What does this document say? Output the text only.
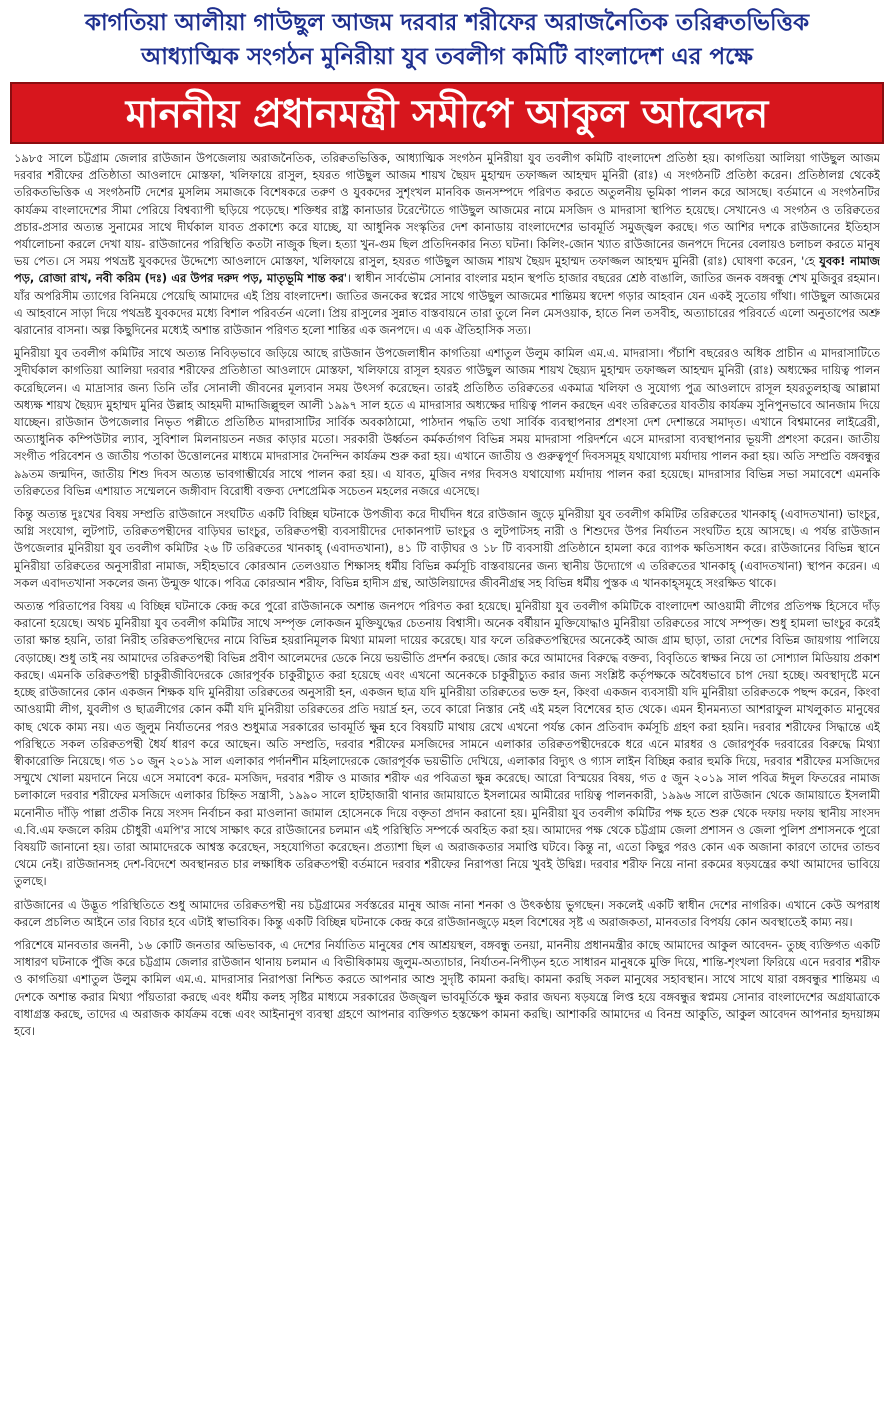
কাগতিয়া আলীয়া গাউছুল আজম দরবার শরীফের অরাজনৈতিক তরিক্বতভিত্তিক
আধ্যাত্মিক সংগঠন মুনিরীয়া যুব তবলীগ কমিটি বাংলাদেশ এর পক্ষে
মাননীয় প্রধানমন্ত্রী সমীপে আকুল আবেদন

১৯৮৫ সালে চট্টগ্রাম জেলার রাউজান উপজেলায় অরাজনৈতিক, তরিক্বতভিত্তিক, আধ্যাত্মিক সংগঠন মুনিরীয়া যুব তবলীগ কমিটি বাংলাদেশ প্রতিষ্ঠা হয়। কাগতিয়া আলিয়া গাউছুল আজম দরবার শরীফের প্রতিষ্ঠাতা আওলাদে মোস্তফা, খলিফায়ে রাসুল, হযরত গাউছুল আজম শায়খ ছৈয়দ মুহাম্মদ তফাজ্জল আহম্মদ মুনিরী (রাঃ) এ সংগঠনটি প্রতিষ্ঠা করেন। প্রতিষ্ঠালগ্ন থেকেই তরিকতভিত্তিক এ সংগঠনটি দেশের মুসলিম সমাজকে বিশেষকরে তরুণ ও যুবকদের সুশৃংখল মানবিক জনসম্পদে পরিণত করতে অতুলনীয় ভূমিকা পালন করে আসছে। বর্তমানে এ সংগঠনটির কার্যক্রম বাংলাদেশের সীমা পেরিয়ে বিশ্বব্যাপী ছড়িয়ে পড়েছে। শক্তিধর রাষ্ট্র কানাডার টরেন্টোতে গাউছুল আজমের নামে মসজিদ ও মাদরাসা স্থাপিত হয়েছে। সেখানেও এ সংগঠন ও তরিক্বতের প্রচার-প্রসার অত্যন্ত সুনামের সাথে দীর্ঘকাল যাবত প্রকাশ্যে করে যাচ্ছে, যা আধুনিক সংস্কৃতির দেশ কানাডায় বাংলাদেশের ভাবমূর্তি সমুজ্জ্বল করছে। গত আশির দশকে রাউজানের ইতিহাস পর্যালোচনা করলে দেখা যায়- রাউজানের পরিস্থিতি কতটা নাজুক ছিল। হত্যা খুন-গুম ছিল প্রতিদিনকার নিত্য ঘটনা। কিলিং-জোন খ্যাত রাউজানের জনপদে দিনের বেলায়ও চলাচল করতে মানুষ ভয় পেত। সে সময় পথভ্রষ্ট যুবকদের উদ্দেশ্যে আওলাদে মোস্তফা, খলিফায়ে রাসুল, হযরত গাউছুল আজম শায়খ ছৈয়দ মুহাম্মদ তফাজ্জল আহম্মদ মুনিরী (রাঃ) ঘোষণা করেন, 'হে যুবক! নামাজ পড়, রোজা রাখ, নবী করিম (দঃ) এর উপর দরুদ পড়, মাতৃভূমি শান্ত কর'। স্বাধীন সার্বভৌম সোনার বাংলার মহান স্থপতি হাজার বছরের শ্রেষ্ঠ বাঙালি, জাতির জনক বঙ্গবন্ধু শেখ মুজিবুর রহমান। যাঁর অপরিসীম ত্যাগের বিনিময়ে পেয়েছি আমাদের এই প্রিয় বাংলাদেশ। জাতির জনকের স্বপ্নের সাথে গাউছুল আজমের শান্তিময় স্বদেশ গড়ার আহবান যেন একই সুতোয় গাঁথা। গাউছুল আজমের এ আহবানে সাড়া দিয়ে পথভ্রষ্ট যুবকদের মধ্যে বিশাল পরিবর্তন এলো। প্রিয় রাসুলের সুন্নাত বাস্তবায়নে তারা তুলে নিল মেসওয়াক, হাতে নিল তসবীহ, অত্যাচারের পরিবর্তে এলো অনুতাপের অশ্রু ঝরানোর বাসনা। অল্প কিছুদিনের মধ্যেই অশান্ত রাউজান পরিণত হলো শান্তির এক জনপদে। এ এক ঐতিহাসিক সত্য।

মুনিরীয়া যুব তবলীগ কমিটির সাথে অত্যন্ত নিবিড়ভাবে জড়িয়ে আছে রাউজান উপজেলাধীন কাগতিয়া এশাতুল উলুম কামিল এম.এ. মাদরাসা। পঁচাশি বছরেরও অধিক প্রাচীন এ মাদরাসাটিতে সুদীর্ঘকাল কাগতিয়া আলিয়া দরবার শরীফের প্রতিষ্ঠাতা আওলাদে মোস্তফা, খলিফায়ে রাসূল হযরত গাউছুল আজম শায়খ ছৈয়্যদ মুহাম্মদ তফাজ্জল আহম্মদ মুনিরী (রাঃ) অধ্যক্ষের দায়িত্ব পালন করেছিলেন। এ মাদ্রাসার জন্য তিনি তাঁর সোনালী জীবনের মূল্যবান সময় উৎসর্গ করেছেন। তারই প্রতিষ্ঠিত তরিক্বতের একমাত্র খলিফা ও সুযোগ্য পুত্র আওলাদে রাসূল হযরতুলহাজ্ব আল্লামা অধ্যক্ষ শায়খ ছৈয়্যদ মুহাম্মদ মুনির উল্লাহ আহমদী মাদ্দাজিল্লুহুল আলী ১৯৯৭ সাল হতে এ মাদরাসার অধ্যক্ষের দায়িত্ব পালন করছেন এবং তরিক্বতের যাবতীয় কার্যক্রম সুনিপুনভাবে আনজাম দিয়ে যাচ্ছেন। রাউজান উপজেলার নিভৃত পল্লীতে প্রতিষ্ঠিত মাদরাসাটির সার্বিক অবকাঠামো, পাঠদান পদ্ধতি তথা সার্বিক ব্যবস্থাপনার প্রশংসা দেশ দেশান্তরে সমাদৃত। এখানে বিশ্বমানের লাইব্রেরী, অত্যাধুনিক কম্পিউটার ল্যাব, সুবিশাল মিলনায়তন নজর কাড়ার মতো। সরকারী উর্ধ্বতন কর্মকর্তাগণ বিভিন্ন সময় মাদরাসা পরিদর্শনে এসে মাদরাসা ব্যবস্থাপনার ভূয়সী প্রশংসা করেন। জাতীয় সংগীত পরিবেশন ও জাতীয় পতাকা উত্তোলনের মাধ্যমে মাদরাসার দৈনন্দিন কার্যক্রম শুরু করা হয়। এখানে জাতীয় ও গুরুত্বপূর্ণ দিবসসমূহ যথাযোগ্য মর্যাদায় পালন করা হয়। অতি সম্প্রতি বঙ্গবন্ধুর ৯৯তম জন্মদিন, জাতীয় শিশু দিবস অত্যন্ত ভাবগাম্ভীর্যের সাথে পালন করা হয়। এ যাবত, মুজিব নগর দিবসও যথাযোগ্য মর্যাদায় পালন করা হয়েছে। মাদরাসার বিভিন্ন সভা সমাবেশে এমনকি তরিক্বতের বিভিন্ন এশায়াত সম্মেলনে জঙ্গীবাদ বিরোধী বক্তব্য দেশপ্রেমিক সচেতন মহলের নজরে এসেছে।

কিন্তু অত্যন্ত দুঃখের বিষয় সম্প্রতি রাউজানে সংঘটিত একটি বিচ্ছিন্ন ঘটনাকে উপজীব্য করে দীর্ঘদিন ধরে রাউজান জুড়ে মুনিরীয়া যুব তবলীগ কমিটির তরিক্বতের খানকাহ্ (এবাদতখানা) ভাংচুর, অগ্নি সংযোগ, লুটপাট, তরিক্বতপন্থীদের বাড়িঘর ভাংচুর, তরিক্বতপন্থী ব্যবসায়ীদের দোকানপাট ভাংচুর ও লুটপাটসহ নারী ও শিশুদের উপর নির্যাতন সংঘটিত হয়ে আসছে। এ পর্যন্ত রাউজান উপজেলার মুনিরীয়া যুব তবলীগ কমিটির ২৬ টি তরিক্বতের খানকাহ্ (এবাদতখানা), ৪১ টি বাড়ীঘর ও ১৮ টি ব্যবসায়ী প্রতিষ্ঠানে হামলা করে ব্যাপক ক্ষতিসাধন করে। রাউজানের বিভিন্ন স্থানে মুনিরীয়া তরিক্বতের অনুসারীরা নামাজ, সহীহভাবে কোরআন তেলওয়াত শিক্ষাসহ ধর্মীয় বিভিন্ন কর্মসূচি বাস্তবায়নের জন্য স্থানীয় উদ্যোগে এ তরিক্বতের খানকাহ্ (এবাদতখানা) স্থাপন করেন। এ সকল এবাদতখানা সকলের জন্য উন্মুক্ত থাকে। পবিত্র কোরআন শরীফ, বিভিন্ন হাদীস গ্রন্থ, আউলিয়াদের জীবনীগ্রন্থ সহ বিভিন্ন ধর্মীয় পুস্তক এ খানকাহ্সমূহে সংরক্ষিত থাকে।

অত্যন্ত পরিতাপের বিষয় এ বিচ্ছিন্ন ঘটনাকে কেন্দ্র করে পুরো রাউজানকে অশান্ত জনপদে পরিণত করা হয়েছে। মুনিরীয়া যুব তবলীগ কমিটিকে বাংলাদেশ আওয়ামী লীগের প্রতিপক্ষ হিসেবে দাঁড় করানো হয়েছে। অথচ মুনিরীয়া যুব তবলীগ কমিটির সাথে সম্পৃক্ত লোকজন মুক্তিযুদ্ধের চেতনায় বিশ্বাসী। অনেক বর্ষীয়ান মুক্তিযোদ্ধাও মুনিরীয়া তরিক্বতের সাথে সম্পৃক্ত। শুধু হামলা ভাংচুর করেই তারা ক্ষান্ত হয়নি, তারা নিরীহ তরিক্বতপন্থিদের নামে বিভিন্ন হয়রানিমূলক মিথ্যা মামলা দায়ের করেছে। যার ফলে তরিক্বতপন্থিদের অনেকেই আজ গ্রাম ছাড়া, তারা দেশের বিভিন্ন জায়গায় পালিয়ে বেড়াচ্ছে। শুধু তাই নয় আমাদের তরিক্বতপন্থী বিভিন্ন প্রবীণ আলেমদের ডেকে নিয়ে ভয়ভীতি প্রদর্শন করছে। জোর করে আমাদের বিরুদ্ধে বক্তব্য, বিবৃতিতে স্বাক্ষর নিয়ে তা সোশ্যাল মিডিয়ায় প্রকাশ করছে। এমনকি তরিক্বতপন্থী চাকুরীজীবিদেরকে জোরপূর্বক চাকুরীচ্যুত করা হয়েছে এবং এখনো অনেককে চাকুরীচ্যুত করার জন্য সংশ্লিষ্ট কর্তৃপক্ষকে অবৈধভাবে চাপ দেয়া হচ্ছে। অবস্থাদৃষ্টে মনে হচ্ছে রাউজানের কোন একজন শিক্ষক যদি মুনিরীয়া তরিক্বতের অনুসারী হন, একজন ছাত্র যদি মুনিরীয়া তরিক্বতের ভক্ত হন, কিংবা একজন ব্যবসায়ী যদি মুনিরীয়া তরিক্বতকে পছন্দ করেন, কিংবা আওয়ামী লীগ, যুবলীগ ও ছাত্রলীগের কোন কর্মী যদি মুনিরীয়া তরিক্বতের প্রতি দয়ার্দ্র হন, তবে কারো নিস্তার নেই এই মহল বিশেষের হাত থেকে। এমন হীনমন্যতা আশরাফুল মাখলুকাত মানুষের কাছ থেকে কাম্য নয়। এত জুলুম নির্যাতনের পরও শুধুমাত্র সরকারের ভাবমূর্তি ক্ষুন্ন হবে বিষয়টি মাথায় রেখে এখনো পর্যন্ত কোন প্রতিবাদ কর্মসূচি গ্রহণ করা হয়নি। দরবার শরীফের সিদ্ধান্তে এই পরিস্থিতে সকল তরিক্বতপন্থী ধৈর্য ধারণ করে আছেন। অতি সম্প্রতি, দরবার শরীফের মসজিদের সামনে এলাকার তরিক্বতপন্থীদেরকে ধরে এনে মারধর ও জোরপূর্বক দরবারের বিরুদ্ধে মিথ্যা স্বীকারোক্তি নিয়েছে। গত ১০ জুন ২০১৯ সাল এলাকার পর্দানশীন মহিলাদেরকে জোরপূর্বক ভয়ভীতি দেখিয়ে, এলাকার বিদ্যুৎ ও গ্যাস লাইন বিচ্ছিন্ন করার হুমকি দিয়ে, দরবার শরীফের মসজিদের সম্মুখে খোলা ময়দানে নিয়ে এসে সমাবেশ করে- মসজিদ, দরবার শরীফ ও মাজার শরীফ এর পবিত্রতা ক্ষুন্ন করেছে। আরো বিস্ময়ের বিষয়, গত ৫ জুন ২০১৯ সাল পবিত্র ঈদুল ফিতরের নামাজ চলাকালে দরবার শরীফের মসজিদে এলাকার চিহ্নিত সন্ত্রাসী, ১৯৯০ সালে হাটহাজারী থানার জামায়াতে ইসলামের আমীরের দায়িত্ব পালনকারী, ১৯৯৬ সালে রাউজান থেকে জামায়াতে ইসলামী মনোনীত দাঁড়ি পাল্লা প্রতীক নিয়ে সংসদ নির্বাচন করা মাওলানা জামাল হোসেনকে দিয়ে বক্তৃতা প্রদান করানো হয়। মুনিরীয়া যুব তবলীগ কমিটির পক্ষ হতে শুরু থেকে দফায় দফায় স্থানীয় সাংসদ এ.বি.এম ফজলে করিম চৌধুরী এমপি'র সাথে সাক্ষাৎ করে রাউজানের চলমান এই পরিস্থিতি সম্পর্কে অবহিত করা হয়। আমাদের পক্ষ থেকে চট্টগ্রাম জেলা প্রশাসন ও জেলা পুলিশ প্রশাসনকে পুরো বিষয়টি জানানো হয়। তারা আমাদেরকে আশ্বস্ত করেছেন, সহযোগিতা করেছেন। প্রত্যাশা ছিল এ অরাজকতার সমাপ্তি ঘটবে। কিন্তু না, এতো কিছুর পরও কোন এক অজানা কারণে তাদের তান্ডব থেমে নেই। রাউজানসহ দেশ-বিদেশে অবস্থানরত চার লক্ষাধিক তরিক্বতপন্থী বর্তমানে দরবার শরীফের নিরাপত্তা নিয়ে খুবই উদ্বিগ্ন। দরবার শরীফ নিয়ে নানা রকমের ষড়যন্ত্রের কথা আমাদের ভাবিয়ে তুলছে।

রাউজানের এ উদ্ভূত পরিস্থিতিতে শুধু আমাদের তরিক্বতপন্থী নয় চট্টগ্রামের সর্বস্তরের মানুষ আজ নানা শনকা ও উৎকণ্ঠায় ভুগছেন। সকলেই একটি স্বাধীন দেশের নাগরিক। এখানে কেউ অপরাধ করলে প্রচলিত আইনে তার বিচার হবে এটাই স্বাভাবিক। কিন্তু একটি বিচ্ছিন্ন ঘটনাকে কেন্দ্র করে রাউজানজুড়ে মহল বিশেষের সৃষ্ট এ অরাজকতা, মানবতার বিপর্যয় কোন অবস্থাতেই কাম্য নয়।

পরিশেষে মানবতার জননী, ১৬ কোটি জনতার অভিভাবক, এ দেশের নির্যাতিত মানুষের শেষ আশ্রয়স্থল, বঙ্গবন্ধু তনয়া, মাননীয় প্রধানমন্ত্রীর কাছে আমাদের আকুল আবেদন- তুচ্ছ ব্যক্তিগত একটি সাধারণ ঘটনাকে পুঁজি করে চট্টগ্রাম জেলার রাউজান থানায় চলমান এ বিভীষিকাময় জুলুম-অত্যাচার, নির্যাতন-নিপীড়ন হতে সাধারন মানুষকে মুক্তি দিয়ে, শান্তি-শৃংখলা ফিরিয়ে এনে দরবার শরীফ ও কাগতিয়া এশাতুল উলুম কামিল এম.এ. মাদরাসার নিরাপত্তা নিশ্চিত করতে আপনার আশু সুদৃষ্টি কামনা করছি। কামনা করছি সকল মানুষের সহাবস্থান। সাথে সাথে যারা বঙ্গবন্ধুর শান্তিময় এ দেশকে অশান্ত করার মিথ্যা পাঁয়তারা করছে এবং ধর্মীয় কলহ সৃষ্টির মাধ্যমে সরকারের উজ্জ্বল ভাবমূর্তিকে ক্ষুন্ন করার জঘন্য ষড়যন্ত্রে লিপ্ত হয়ে বঙ্গবন্ধুর স্বপ্নময় সোনার বাংলাদেশের অগ্রযাত্রাকে বাধাগ্রস্ত করছে, তাদের এ অরাজক কার্যক্রম বন্ধে এবং আইনানুগ ব্যবস্থা গ্রহণে আপনার ব্যক্তিগত হস্তক্ষেপ কামনা করছি। আশাকরি আমাদের এ বিনম্র আকুতি, আকুল আবেদন আপনার হৃদয়াঙ্গম হবে।
